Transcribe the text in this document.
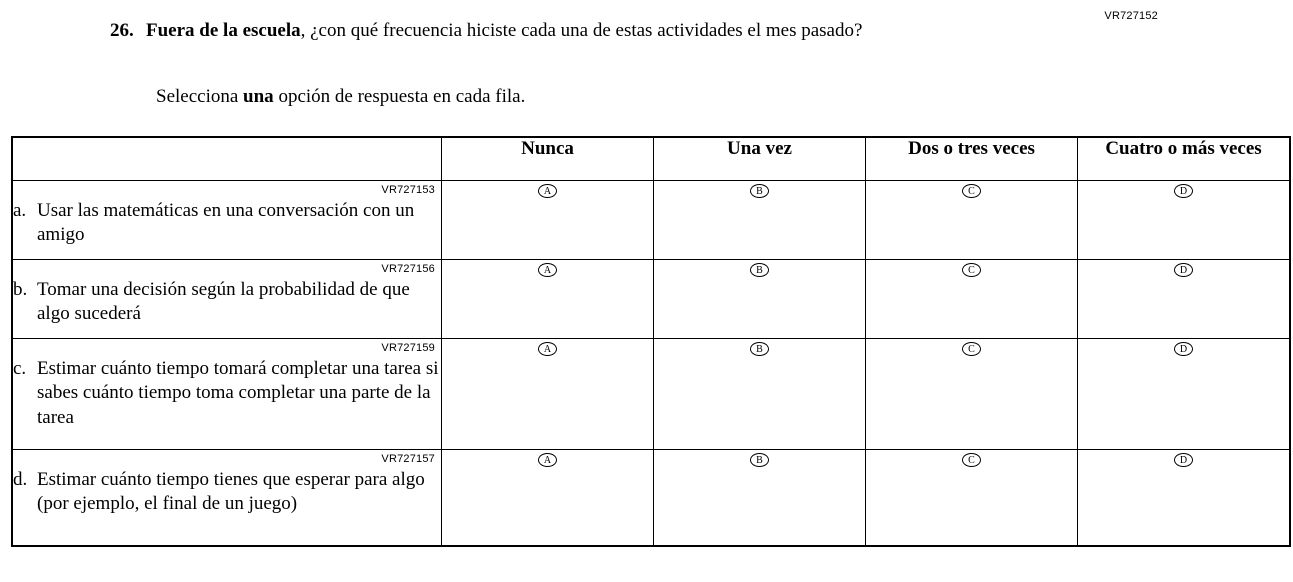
VR727152
26. Fuera de la escuela, ¿con qué frecuencia hiciste cada una de estas actividades el mes pasado?
Selecciona una opción de respuesta en cada fila.
	Nunca	Una vez	Dos o tres veces	Cuatro o más veces

VR727153
a. Usar las matemáticas en una conversación con un amigo	A	B	C	D

VR727156
b. Tomar una decisión según la probabilidad de que algo sucederá	A	B	C	D

VR727159
c. Estimar cuánto tiempo tomará completar una tarea si sabes cuánto tiempo toma completar una parte de la tarea	A	B	C	D

VR727157
d. Estimar cuánto tiempo tienes que esperar para algo (por ejemplo, el final de un juego)	A	B	C	D
